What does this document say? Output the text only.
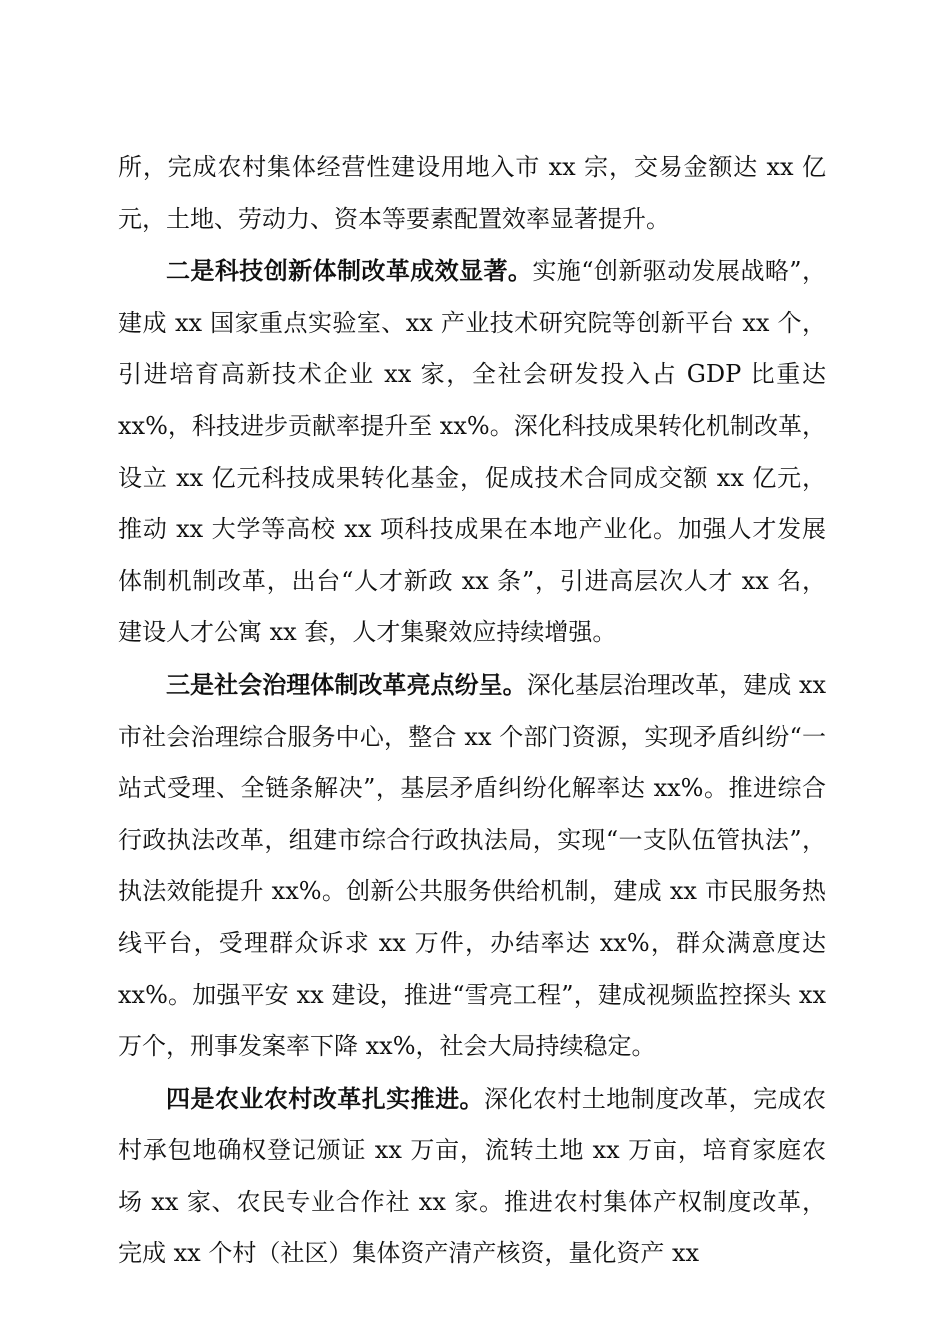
所，完成农村集体经营性建设用地入市 xx 宗，交易金额达 xx 亿元，土地、劳动力、资本等要素配置效率显著提升。

二是科技创新体制改革成效显著。实施“创新驱动发展战略”，建成 xx 国家重点实验室、xx 产业技术研究院等创新平台 xx 个，引进培育高新技术企业 xx 家，全社会研发投入占 GDP 比重达 xx%，科技进步贡献率提升至 xx%。深化科技成果转化机制改革，设立 xx 亿元科技成果转化基金，促成技术合同成交额 xx 亿元，推动 xx 大学等高校 xx 项科技成果在本地产业化。加强人才发展体制机制改革，出台“人才新政 xx 条”，引进高层次人才 xx 名，建设人才公寓 xx 套，人才集聚效应持续增强。

三是社会治理体制改革亮点纷呈。深化基层治理改革，建成 xx 市社会治理综合服务中心，整合 xx 个部门资源，实现矛盾纠纷“一站式受理、全链条解决”，基层矛盾纠纷化解率达 xx%。推进综合行政执法改革，组建市综合行政执法局，实现“一支队伍管执法”，执法效能提升 xx%。创新公共服务供给机制，建成 xx 市民服务热线平台，受理群众诉求 xx 万件，办结率达 xx%，群众满意度达 xx%。加强平安 xx 建设，推进“雪亮工程”，建成视频监控探头 xx 万个，刑事发案率下降 xx%，社会大局持续稳定。

四是农业农村改革扎实推进。深化农村土地制度改革，完成农村承包地确权登记颁证 xx 万亩，流转土地 xx 万亩，培育家庭农场 xx 家、农民专业合作社 xx 家。推进农村集体产权制度改革，完成 xx 个村（社区）集体资产清产核资，量化资产 xx
